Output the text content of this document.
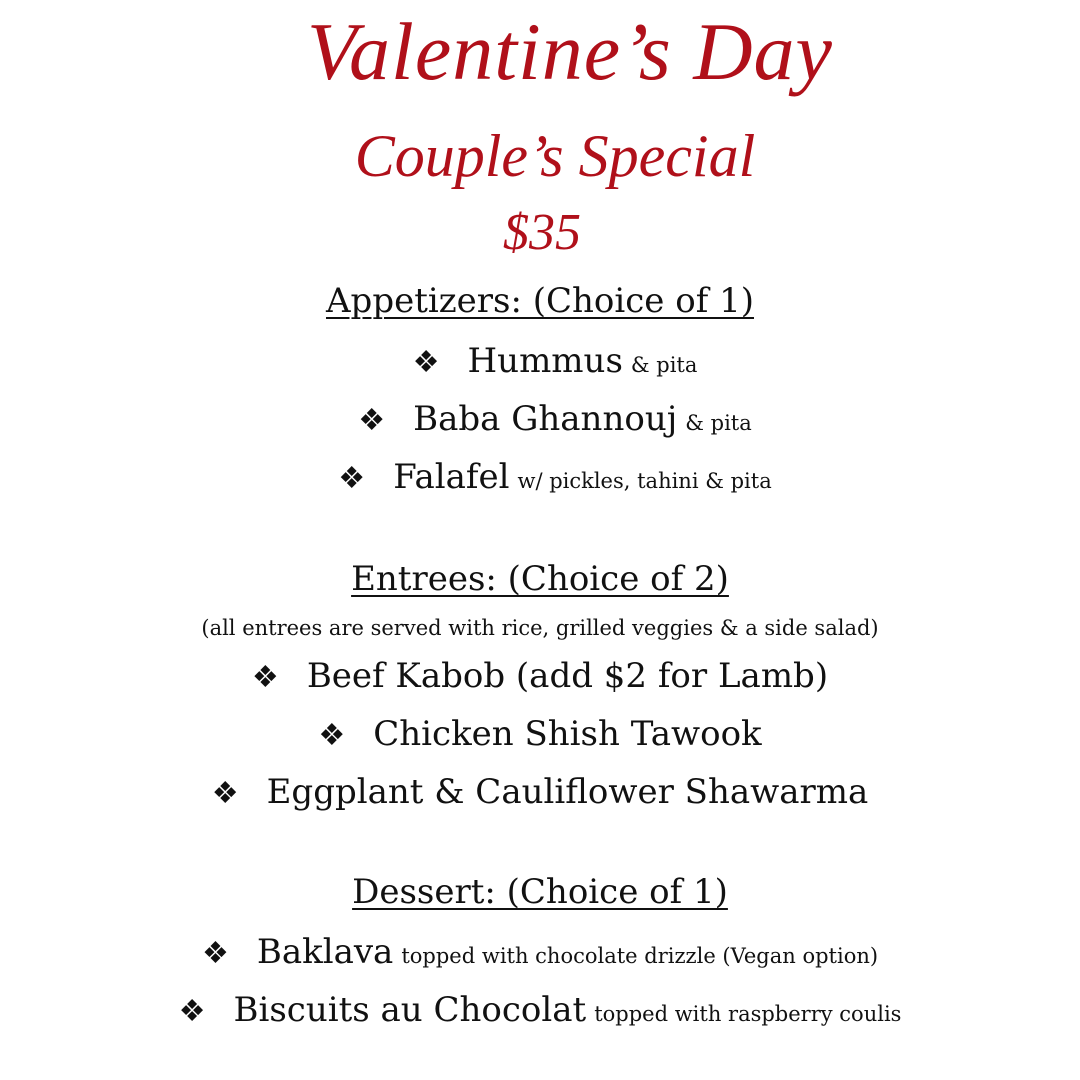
Valentine’s Day
Couple’s Special
$35
Appetizers: (Choice of 1)
❖ Hummus & pita
❖ Baba Ghannouj & pita
❖ Falafel w/ pickles, tahini & pita
Entrees: (Choice of 2)
(all entrees are served with rice, grilled veggies & a side salad)
❖ Beef Kabob (add $2 for Lamb)
❖ Chicken Shish Tawook
❖ Eggplant & Cauliflower Shawarma
Dessert: (Choice of 1)
❖ Baklava topped with chocolate drizzle (Vegan option)
❖ Biscuits au Chocolat topped with raspberry coulis
